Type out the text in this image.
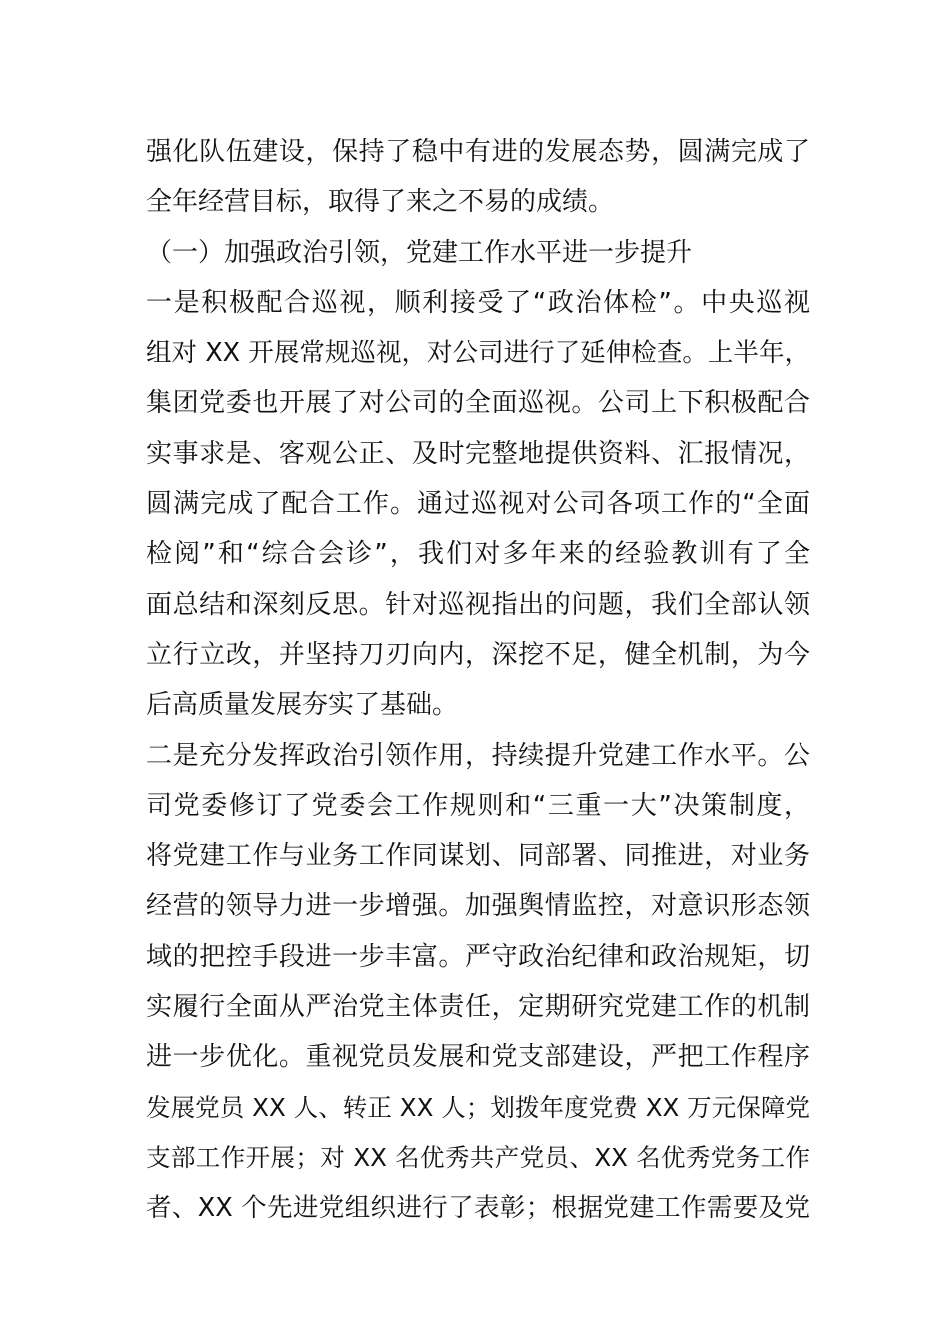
强化队伍建设，保持了稳中有进的发展态势，圆满完成了
全年经营目标，取得了来之不易的成绩。
（一）加强政治引领，党建工作水平进一步提升
一是积极配合巡视，顺利接受了“政治体检”。中央巡视
组对 XX 开展常规巡视，对公司进行了延伸检查。上半年，
集团党委也开展了对公司的全面巡视。公司上下积极配合
实事求是、客观公正、及时完整地提供资料、汇报情况，
圆满完成了配合工作。通过巡视对公司各项工作的“全面
检阅”和“综合会诊”，我们对多年来的经验教训有了全
面总结和深刻反思。针对巡视指出的问题，我们全部认领
立行立改，并坚持刀刃向内，深挖不足，健全机制，为今
后高质量发展夯实了基础。
二是充分发挥政治引领作用，持续提升党建工作水平。公
司党委修订了党委会工作规则和“三重一大”决策制度，
将党建工作与业务工作同谋划、同部署、同推进，对业务
经营的领导力进一步增强。加强舆情监控，对意识形态领
域的把控手段进一步丰富。严守政治纪律和政治规矩，切
实履行全面从严治党主体责任，定期研究党建工作的机制
进一步优化。重视党员发展和党支部建设，严把工作程序
发展党员 XX 人、转正 XX 人；划拨年度党费 XX 万元保障党
支部工作开展；对 XX 名优秀共产党员、XX 名优秀党务工作
者、XX 个先进党组织进行了表彰；根据党建工作需要及党
